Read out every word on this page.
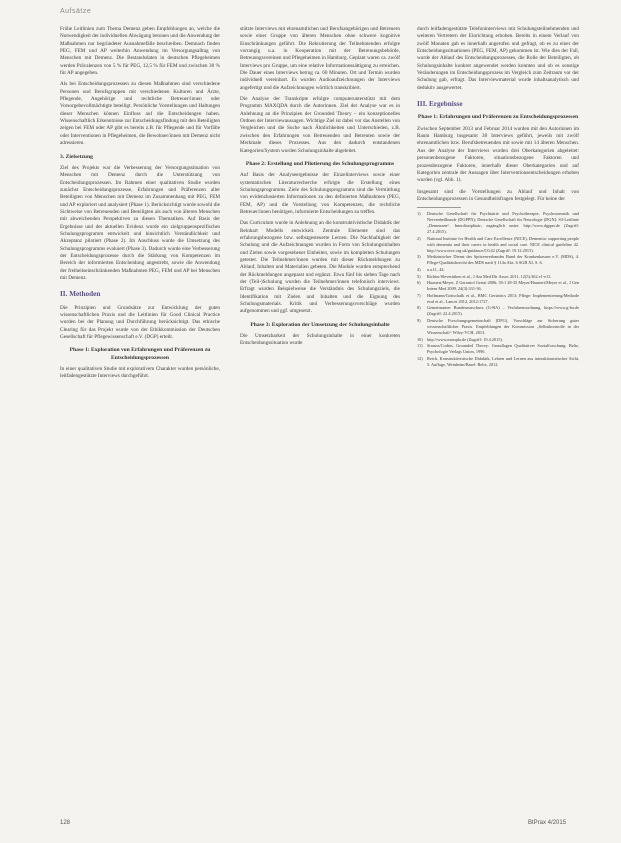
Aufsätze

Frühe Leitlinien zum Thema Demenz geben Empfehlungen an, welche die Notwendigkeit der individuellen Abwägung betonen und die Anwendung der Maßnahmen nur begründeter Ausnahmefälle beschreiben. Demnach finden PEG, FEM und AP weiterhin Anwendung im Versorgungsalltag von Menschen mit Demenz. Die Bestandsdaten in deutschen Pflegeheimen werden Prävalenzen von 5 % für PEG, 12,5 % für FEM und zwischen 30 % für AP angegeben.

Als bei Entscheidungsprozessen zu diesen Maßnahmen sind verschiedene Personen und Berufsgruppen mit verschiedenen Kulturen und Ärzte, Pflegende, Angehörige und rechtliche Betreuer/innen oder Vorsorgebevollmächtigte beteiligt. Persönliche Vorstellungen und Haltungen dieser Menschen können Einfluss auf die Entscheidungen haben. Wissenschaftlich Erkenntnisse zur Entscheidungsfindung mit den Beteiligten zeigen bei FEM oder AP gibt es bereits z.B. für Pflegende und für Vorfälle oder Interventionen in Pflegeheimen, die Bewohner/innen mit Demenz nicht adressieren.

3. Zielsetzung

Ziel des Projekts war die Verbesserung der Versorgungssituation von Menschen mit Demenz durch die Unterstützung von Entscheidungsprozessen. Im Rahmen einer qualitativen Studie wurden zunächst Entscheidungsprozesse, Erfahrungen und Präferenzen aller Beteiligten von Menschen mit Demenz im Zusammenhang mit PEG, FEM und AP exploriert und analysiert (Phase 1). Berücksichtigt wurde sowohl die Sichtweise von Betreuenden und Beteiligten als auch von älteren Menschen mit abweichenden Perspektiven zu diesen Thematiken. Auf Basis der Ergebnisse und der aktuellen Evidenz wurde ein zielgruppenspezifisches Schulungsprogramm entwickelt und hinsichtlich Verständlichkeit und Akzeptanz pilotiert (Phase 2). Im Anschluss wurde die Umsetzung des Schulungsprogramms evaluiert (Phase 3). Dadurch wurde eine Verbesserung der Entscheidungsprozesse durch die Stärkung von Kompetenzen im Bereich der informierten Entscheidung angestrebt, sowie die Anwendung der freiheitseinschränkenden Maßnahmen PEG, FEM und AP bei Menschen mit Demenz.

II. Methoden

Die Prinzipien und Grundsätze zur Entwicklung der guten wissenschaftlichen Praxis und die Leitlinien für Good Clinical Practice wurden bei der Planung und Durchführung berücksichtigt. Das ethische Clearing für das Projekt wurde von der Ethikkommission der Deutschen Gesellschaft für Pflegewissenschaft e.V. (DGP) erteilt.

Phase 1: Exploration von Erfahrungen und Präferenzen zu Entscheidungsprozessen

In einer qualitativen Studie mit explorativem Charakter wurden persönliche, leitfadengestützte Interviews durchgeführt.

stützte Interviews mit ehrenamtlichen und Berufsangehörigen und Betreuern sowie einer Gruppe von älteren Menschen ohne schwere kognitive Einschränkungen geführt. Die Rekrutierung der Teilnehmenden erfolgte vorrangig u.a. in Kooperation mit der Betreuungsbehörde, Betreuungsvereinen und Pflegeheimen in Hamburg. Geplant waren ca. zwölf Interviews pro Gruppe, um eine relative Informationssättigung zu erreichen. Die Dauer eines Interviews betrug ca. 60 Minuten. Ort und Termin wurden individuell vereinbart. Es wurden Audioaufzeichnungen der Interviews angefertigt und die Aufzeichnungen wörtlich transkribiert.

Die Analyse der Transkripte erfolgte computerunterstützt mit dem Programm MAXQDA durch die Autorinnen. Ziel der Analyse war es in Anlehnung an die Prinzipien der Grounded Theory – ein konzeptionelles Ordnen der Interviewaussagen. Wichtige Ziel ist dabei vor das Anstellen von Vergleichen und die Suche nach Ähnlichkeiten und Unterschieden, z.B. zwischen den Erfahrungen von Betreuenden und Betreuten sowie der Merkmale dieses Prozesses. Aus den dadurch entstandenen Kategorien/System wurden Schulungsinhalte abgeleitet.

Phase 2: Erstellung und Pilotierung des Schulungsprogramms

Auf Basis der Analyseergebnisse der Einzelinterviews sowie einer systematischen Literaturrecherche erfolgte die Erstellung eines Schulungsprogramms. Ziele des Schulungsprogramms sind die Vermittlung von evidenzbasierten Informationen zu den definierten Maßnahmen (PEG, FEM, AP) und die Vorstellung von Kompetenzen, die rechtliche Betreuer/innen benötigen, informierte Entscheidungen zu treffen.

Das Curriculum wurde in Anlehnung an die konstruktivistische Didaktik der Reinhart Modells entwickelt. Zentrale Elemente sind das erfahrungsbezogene bzw. selbstgesteuerte Lernen. Die Nachhaltigkeit der Schulung und die Aufzeichnungen wurden in Form von Schulungsinhalten und Zielen sowie vorgesehener Einheiten, sowie im kompletten Schulungen getestet. Die Teilnehmer/innen wurden mit dieser Rückmeldungen zu Ablauf, Inhalten und Materialien gebeten. Die Module wurden entsprechend der Rückmeldungen angepasst und ergänzt. Etwa fünf bis sieben Tage nach der (Teil-)Schulung wurden die Teilnehmer/innen telefonisch interviewt. Erfragt wurden Beispielweise die Verständnis des Schulungsziels, die Identifikation mit Zielen und Inhalten und die Eignung des Schulungsmaterials. Kritik und Verbesserungsvorschläge wurden aufgenommen und ggf. umgesetzt.

Phase 3: Exploration der Umsetzung der Schulungsinhalte

Die Umsetzbarkeit der Schulungsinhalte in einer konkreten Entscheidungssituation wurde

durch leitfadengestützte Telefoninterviews mit Schulungsteilnehmenden und weiteren Vertretern der Einrichtung erhoben. Bereits in einem Verlauf von zwölf Monaten gab es innerhalb angerufen und gefragt, ob es zu einer der Entscheidungssituationen (PEG, FEM, AP) gekommen ist. Wie dies der Fall, wurde der Ablauf des Entscheidungsprozesses, die Rolle der Beteiligten, ob Schulungsinhalte konkret angewendet werden konnten und ob es sonstige Veränderungen im Entscheidungsprozess im Vergleich zum Zeitraum vor der Schulung gab, erfragt. Das Interviewmaterial wurde inhaltsanalytisch und deduktiv ausgewertet.

III. Ergebnisse
Phase 1: Erfahrungen und Präferenzen zu Entscheidungsprozessen

Zwischen September 2013 und Februar 2014 wurden mit den Autorinnen im Raum Hamburg insgesamt 38 Interviews geführt, jeweils mit zwölf ehrenamtlichen bzw. Berufsbetreuenden mit sowie mit 14 älteren Menschen. Aus der Analyse der Interviews wurden drei Oberkategorien abgeleitet: personenbezogene Faktoren, situationsbezogene Faktoren und prozessbezogene Faktoren, innerhalb dieser Oberkategorien und auf Kategorien zentrale der Aussagen über Interventionsentscheidungen erhoben wurden (vgl. Abb. 1).

Insgesamt sind die Vorstellungen zu Ablauf und Inhalt von Entscheidungsprozessen in Gesundheitsfragen festgelegt. Für keine der

1)	Deutsche Gesellschaft für Psychiatrie und Psychotherapie, Psychosomatik und Nervenheilkunde (DGPPN); Deutsche Gesellschaft für Neurologie (DGN): S3-Leitlinie „Demenzen“. Interdisziplinär; zugänglich unter: http://www.dgppn.de (Zugriff: 27.4.2015).
2)	National Institute for Health and Care Excellence (NICE), Dementia: supporting people with dementia and their carers in health and social care. NICE clinical guideline 42. http://www.nice.org.uk/guidance/CG42 (Zugriff: 19.12.2015).
3)	Medizinischer Dienst des Spitzenverbandes Bund der Krankenkassen e.V. (MDS), 4. Pflege-Qualitätsbericht des MDS nach § 114a Abs. 6 SGB XI, S. 6.
4)	a.a.O., 44.
5)	Richter/Sleverinken et al., J Am Med Dir Assoc 2011, 12(5):362 e1-e13.
6)	Haastert/Meyer, Z Gerontol Geriat 2006; 39:1 28-35 Meyer/Haastert/Meyer et al., J Gen Intern Med 2009, 24(3):331-36.
7)	Hoffmann/Gottschalk et al., BMC Geriatrics 2013; Pflege: Implementierung/Methode eval et al., Lancet 2012, 2012:1727.
8)	Gemeinsamer Bundesausschuss (G-BA) – Verfahrensordnung, https://www.g-ba.de (Zugriff: 22.4.2015).
9)	Deutsche Forschungsgemeinschaft (DFG), Vorschläge zur Sicherung guter wissenschaftlicher Praxis. Empfehlungen der Kommission „Selbstkontrolle in der Wissenschaft“ Wiley-VCH, 2013.
10) http://www.maxqda.de (Zugriff: 19.4.2015).
11)	Strauss/Corbin, Grounded Theory: Grundlagen Qualitativer Sozialforschung, Beltz, Psychologie Verlags Union, 1996.
12) Reich, Konstruktivistische Didaktik, Lehren und Lernen aus interaktionistischer Sicht, 5. Auflage, Weinheim/Basel: Beltz, 2012.
128	BtPrax 4/2015
